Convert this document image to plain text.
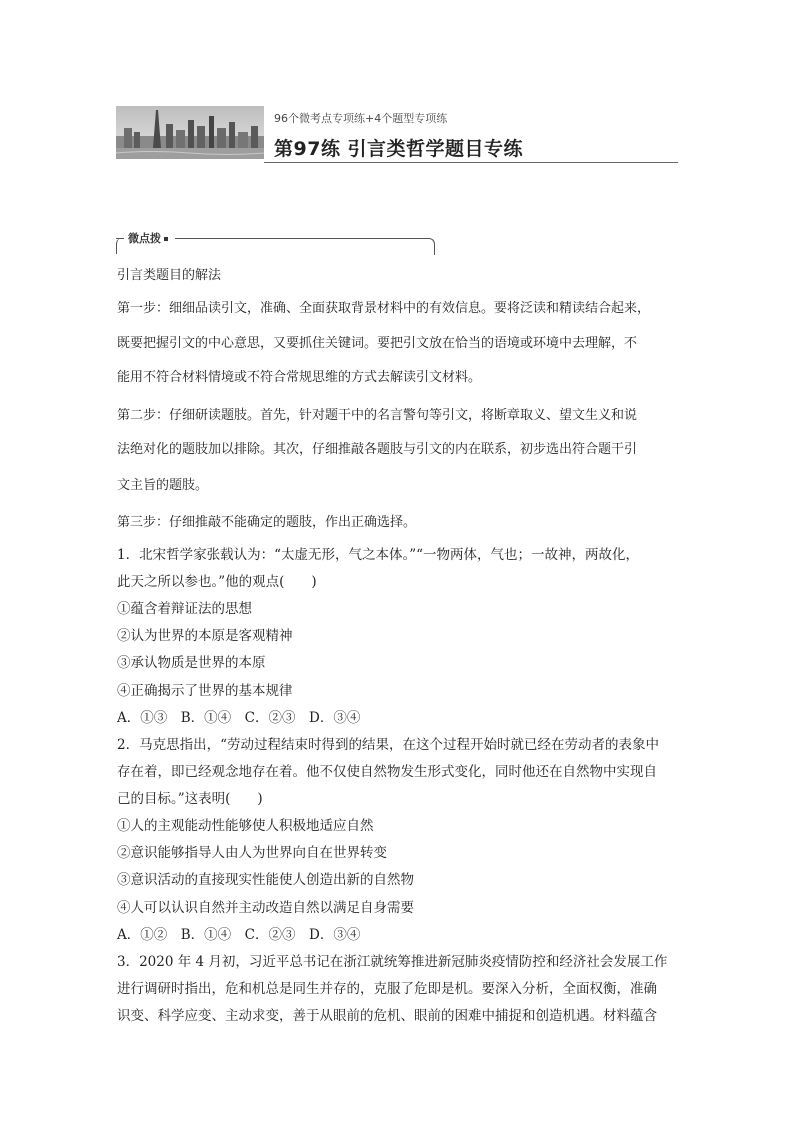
96个微考点专项练+4个题型专项练
第97练 引言类哲学题目专练
微点拨
引言类题目的解法
第一步：细细品读引文，准确、全面获取背景材料中的有效信息。要将泛读和精读结合起来，
既要把握引文的中心意思，又要抓住关键词。要把引文放在恰当的语境或环境中去理解，不
能用不符合材料情境或不符合常规思维的方式去解读引文材料。
第二步：仔细研读题肢。首先，针对题干中的名言警句等引文，将断章取义、望文生义和说
法绝对化的题肢加以排除。其次，仔细推敲各题肢与引文的内在联系，初步选出符合题干引
文主旨的题肢。
第三步：仔细推敲不能确定的题肢，作出正确选择。
1．北宋哲学家张载认为：“太虚无形，气之本体。”“一物两体，气也；一故神，两故化，
此天之所以参也。”他的观点(　　)
①蕴含着辩证法的思想
②认为世界的本原是客观精神
③承认物质是世界的本原
④正确揭示了世界的基本规律
A．①③　B．①④　C．②③　D．③④
2．马克思指出，“劳动过程结束时得到的结果，在这个过程开始时就已经在劳动者的表象中
存在着，即已经观念地存在着。他不仅使自然物发生形式变化，同时他还在自然物中实现自
己的目标。”这表明(　　)
①人的主观能动性能够使人积极地适应自然
②意识能够指导人由人为世界向自在世界转变
③意识活动的直接现实性能使人创造出新的自然物
④人可以认识自然并主动改造自然以满足自身需要
A．①②　B．①④　C．②③　D．③④
3．2020 年 4 月初，习近平总书记在浙江就统筹推进新冠肺炎疫情防控和经济社会发展工作
进行调研时指出，危和机总是同生并存的，克服了危即是机。要深入分析，全面权衡，准确
识变、科学应变、主动求变，善于从眼前的危机、眼前的困难中捕捉和创造机遇。材料蕴含
